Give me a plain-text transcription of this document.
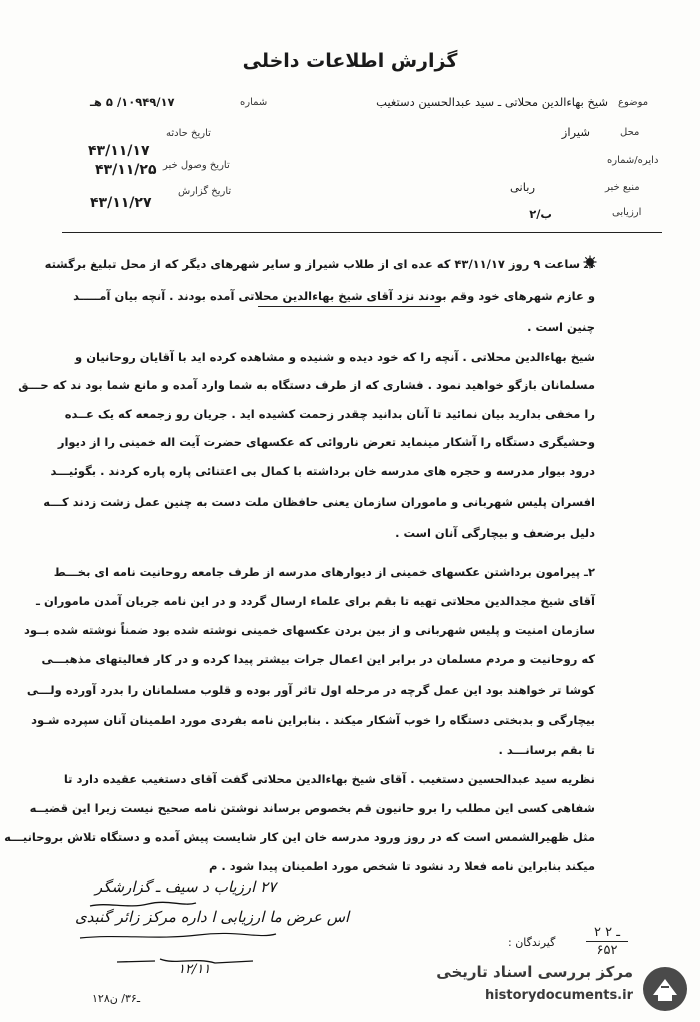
گزارش اطلاعات داخلی
موضوع
شیخ بهاءالدین محلاتی ـ سید عبدالحسین دستغیب
شماره
۱۰۹۴۹/۱۷/ ۵ هـ
محل
شیراز
تاریخ حادثه
۴۳/۱۱/۱۷
دایره/شماره
تاریخ وصول خبر
۴۳/۱۱/۲۵
منبع خبر
ربانی
تاریخ گزارش
۴۳/۱۱/۲۷
ارزیابی
ب/۲
۱ـ ساعت ۹ روز ۴۳/۱۱/۱۷ که عده ای از طلاب شیراز و سایر شهرهای دیگر که از محل تبلیغ برگشته
و عازم شهرهای خود وقم بودند نزد آقای شیخ بهاءالدین محلاتی آمده بودند . آنچه بیان آمـــــد
چنین است .
شیخ بهاءالدین محلاتی . آنچه را که خود دیده و شنیده و مشاهده کرده اید با آقایان روحانیان و
مسلمانان بازگو خواهید نمود . فشاری که از طرف دستگاه به شما وارد آمده و مانع شما بود ند که حـــق
را مخفی بدارید بیان نمائید تا آنان بدانید چقدر زحمت کشیده اید . جریان رو زجمعه که یک عــده
وحشیگری دستگاه را آشکار مینماید تعرض ناروائی که عکسهای حضرت آیت اله خمینی را از دیوار
درود بیوار مدرسه و حجره های مدرسه خان برداشته با کمال بی اعتنائی پاره پاره کردند . بگوئیـــد
افسران پلیس شهربانی و ماموران سازمان یعنی حافظان ملت دست به چنین عمل زشت زدند کـــه
دلیل برضعف و بیچارگی آنان است .
۲ـ پیرامون برداشتن عکسهای خمینی از دیوارهای مدرسه از طرف جامعه روحانیت نامه ای بخـــط
آقای شیخ مجدالدین محلاتی تهیه تا بقم برای علماء ارسال گردد و در این نامه جریان آمدن ماموران ـ
سازمان امنیت و پلیس شهربانی و از بین بردن عکسهای خمینی نوشته شده بود ضمناً نوشته شده بــود
که روحانیت و مردم مسلمان در برابر این اعمال جرات بیشتر پیدا کرده و در کار فعالیتهای مذهبـــی
کوشا تر خواهند بود این عمل گرچه در مرحله اول تاثر آور بوده و قلوب مسلمانان را بدرد آورده ولـــی
بیچارگی و بدبختی دستگاه را خوب آشکار میکند . بنابراین نامه بفردی مورد اطمینان آنان سپرده شـود
تا بقم برسانـــد .
نظریه سید عبدالحسین دستغیب . آقای شیخ بهاءالدین محلاتی گفت آقای دستغیب عقیده دارد تا
شفاهی کسی این مطلب را برو حانیون قم بخصوص برساند نوشتن نامه صحیح نیست زیرا این قضیــه
مثل ظهیرالشمس است که در روز ورود مدرسه خان این کار شایست پیش آمده و دستگاه تلاش بروحانیـــه
میکند بنابراین نامه فعلا رد نشود تا شخص مورد اطمینان پیدا شود . م
۲۷ ارزیاب د سیف ـ گزارشگر
اس عرض ما ارزیابی ا داره مرکز زائر گنبدی
۱۲/۱۱
گیرندگان :
۲ ـ ۲
۶۵۲
۱۲۸ـ۳۶/ ن
مرکز بررسی اسناد تاریخی
historydocuments.ir
